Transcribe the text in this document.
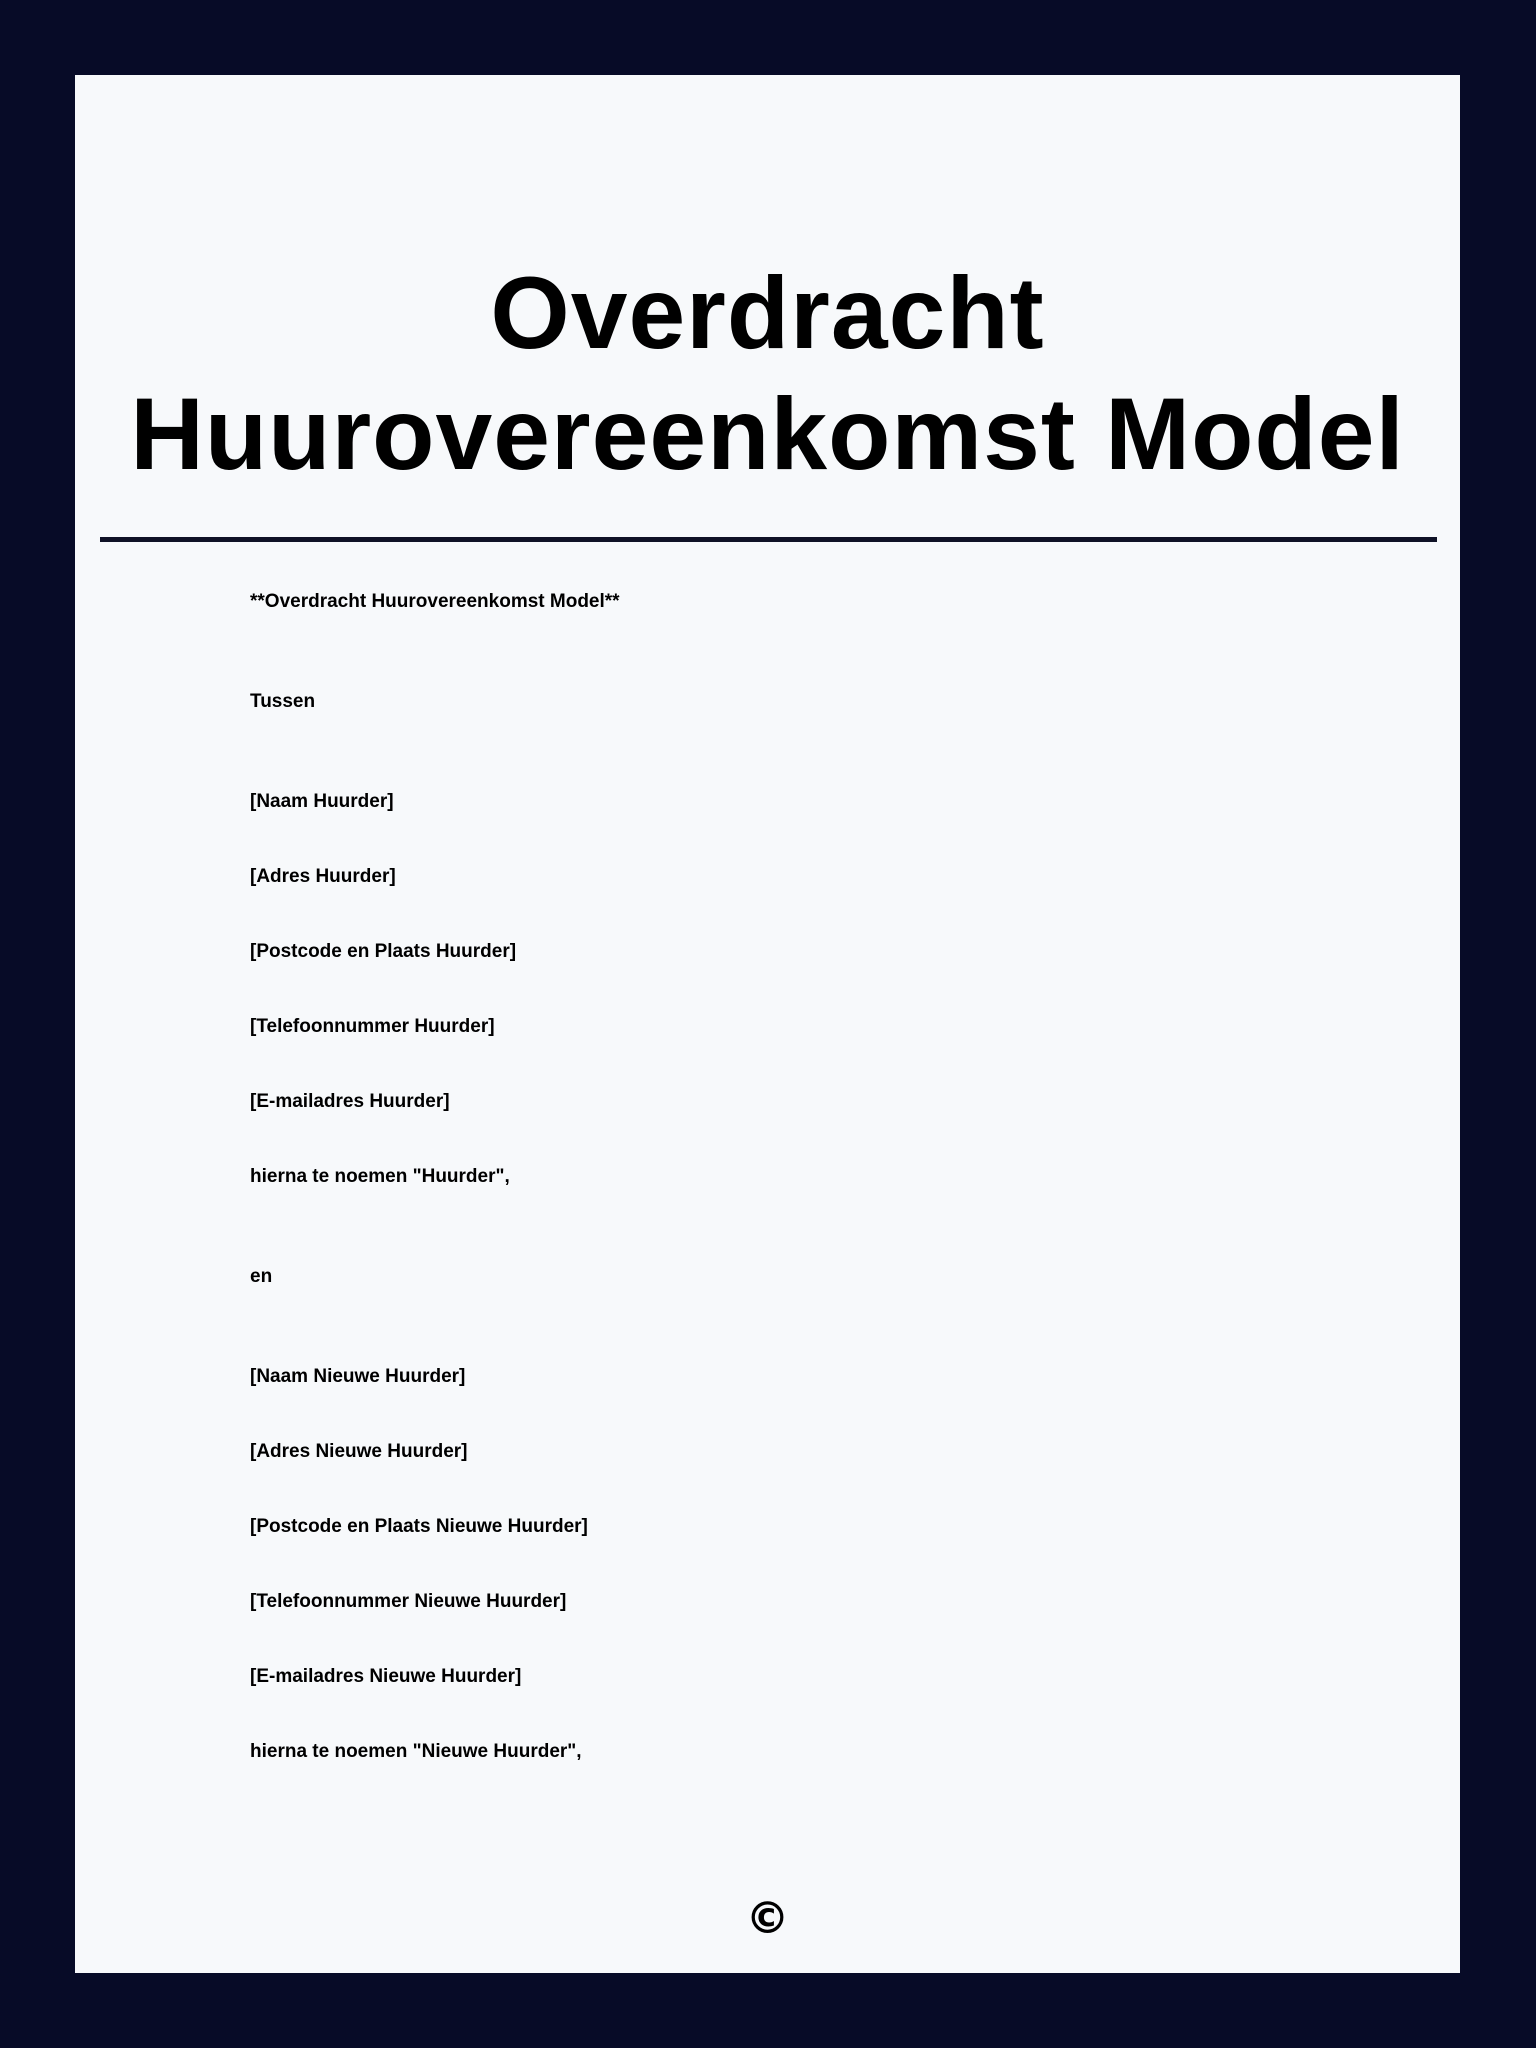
Overdracht
Huurovereenkomst Model

**Overdracht Huurovereenkomst Model**

Tussen

[Naam Huurder]

[Adres Huurder]

[Postcode en Plaats Huurder]

[Telefoonnummer Huurder]

[E-mailadres Huurder]

hierna te noemen "Huurder",

en

[Naam Nieuwe Huurder]

[Adres Nieuwe Huurder]

[Postcode en Plaats Nieuwe Huurder]

[Telefoonnummer Nieuwe Huurder]

[E-mailadres Nieuwe Huurder]

hierna te noemen "Nieuwe Huurder",

©
